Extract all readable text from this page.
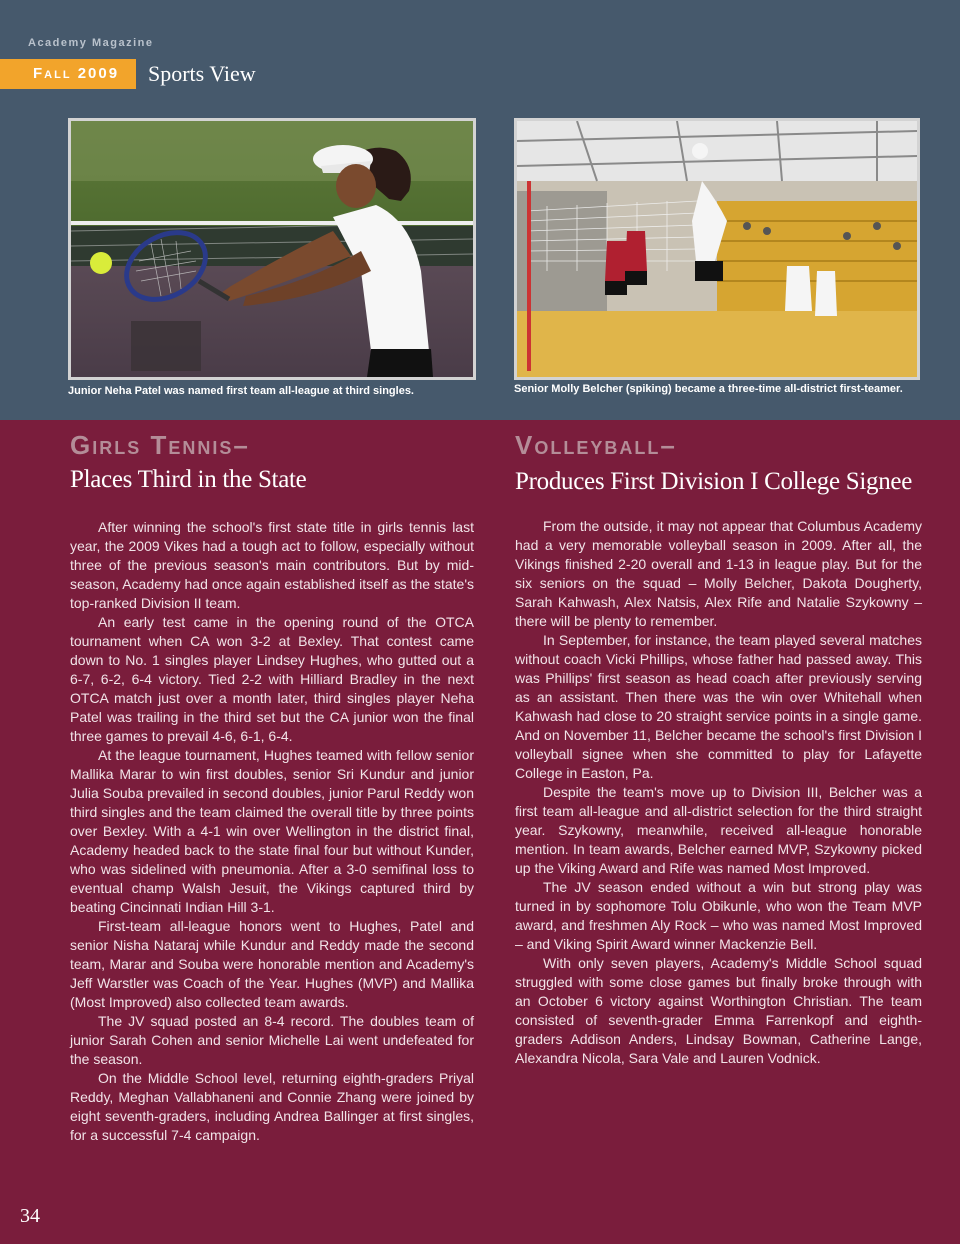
Academy Magazine
Fall 2009	Sports View
Junior Neha Patel was named first team all-league at third singles.	Senior Molly Belcher (spiking) became a three-time all-district first-teamer.
Girls Tennis–
Places Third in the State

After winning the school's first state title in girls tennis last year, the 2009 Vikes had a tough act to follow, especially without three of the previous season's main contributors. But by mid-season, Academy had once again established itself as the state's top-ranked Division II team.

An early test came in the opening round of the OTCA tournament when CA won 3-2 at Bexley. That contest came down to No. 1 singles player Lindsey Hughes, who gutted out a 6-7, 6-2, 6-4 victory. Tied 2-2 with Hilliard Bradley in the next OTCA match just over a month later, third singles player Neha Patel was trailing in the third set but the CA junior won the final three games to prevail 4-6, 6-1, 6-4.

At the league tournament, Hughes teamed with fellow senior Mallika Marar to win first doubles, senior Sri Kundur and junior Julia Souba prevailed in second doubles, junior Parul Reddy won third singles and the team claimed the overall title by three points over Bexley. With a 4-1 win over Wellington in the district final, Academy headed back to the state final four but without Kunder, who was sidelined with pneumonia. After a 3-0 semifinal loss to eventual champ Walsh Jesuit, the Vikings captured third by beating Cincinnati Indian Hill 3-1.

First-team all-league honors went to Hughes, Patel and senior Nisha Nataraj while Kundur and Reddy made the second team, Marar and Souba were honorable mention and Academy's Jeff Warstler was Coach of the Year. Hughes (MVP) and Mallika (Most Improved) also collected team awards.

The JV squad posted an 8-4 record. The doubles team of junior Sarah Cohen and senior Michelle Lai went undefeated for the season.

On the Middle School level, returning eighth-graders Priyal Reddy, Meghan Vallabhaneni and Connie Zhang were joined by eight seventh-graders, including Andrea Ballinger at first singles, for a successful 7-4 campaign.

Volleyball–
Produces First Division I College Signee

From the outside, it may not appear that Columbus Academy had a very memorable volleyball season in 2009. After all, the Vikings finished 2-20 overall and 1-13 in league play. But for the six seniors on the squad – Molly Belcher, Dakota Dougherty, Sarah Kahwash, Alex Natsis, Alex Rife and Natalie Szykowny – there will be plenty to remember.

In September, for instance, the team played several matches without coach Vicki Phillips, whose father had passed away. This was Phillips' first season as head coach after previously serving as an assistant. Then there was the win over Whitehall when Kahwash had close to 20 straight service points in a single game. And on November 11, Belcher became the school's first Division I volleyball signee when she committed to play for Lafayette College in Easton, Pa.

Despite the team's move up to Division III, Belcher was a first team all-league and all-district selection for the third straight year. Szykowny, meanwhile, received all-league honorable mention. In team awards, Belcher earned MVP, Szykowny picked up the Viking Award and Rife was named Most Improved.

The JV season ended without a win but strong play was turned in by sophomore Tolu Obikunle, who won the Team MVP award, and freshmen Aly Rock – who was named Most Improved – and Viking Spirit Award winner Mackenzie Bell.

With only seven players, Academy's Middle School squad struggled with some close games but finally broke through with an October 6 victory against Worthington Christian. The team consisted of seventh-grader Emma Farrenkopf and eighth-graders Addison Anders, Lindsay Bowman, Catherine Lange, Alexandra Nicola, Sara Vale and Lauren Vodnick.

34
